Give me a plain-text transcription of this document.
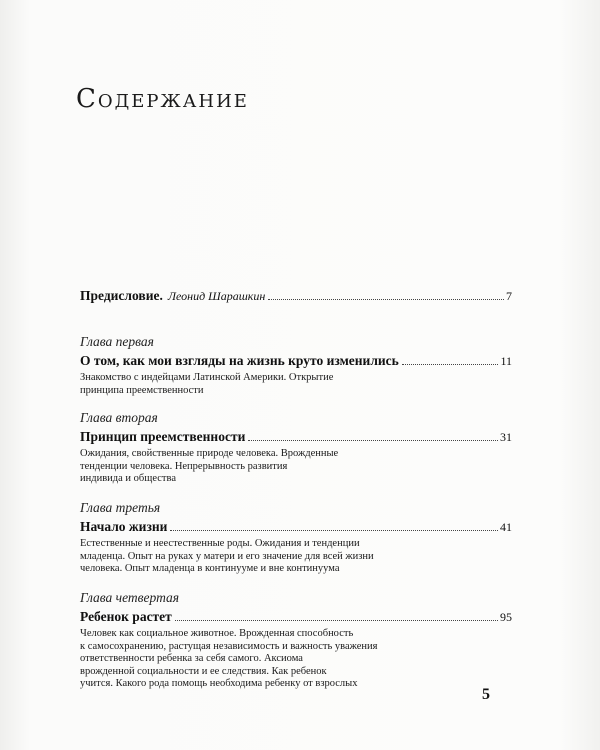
Содержание
Предисловие. Леонид Шарашкин	7
Глава первая
О том, как мои взгляды на жизнь круто изменились	11
Знакомство с индейцами Латинской Америки. Открытие
принципа преемственности
Глава вторая
Принцип преемственности	31
Ожидания, свойственные природе человека. Врожденные
тенденции человека. Непрерывность развития
индивида и общества
Глава третья
Начало жизни	41
Естественные и неестественные роды. Ожидания и тенденции
младенца. Опыт на руках у матери и его значение для всей жизни
человека. Опыт младенца в континууме и вне континуума
Глава четвертая
Ребенок растет	95
Человек как социальное животное. Врожденная способность
к самосохранению, растущая независимость и важность уважения
ответственности ребенка за себя самого. Аксиома
врожденной социальности и ее следствия. Как ребенок
учится. Какого рода помощь необходима ребенку от взрослых
5
